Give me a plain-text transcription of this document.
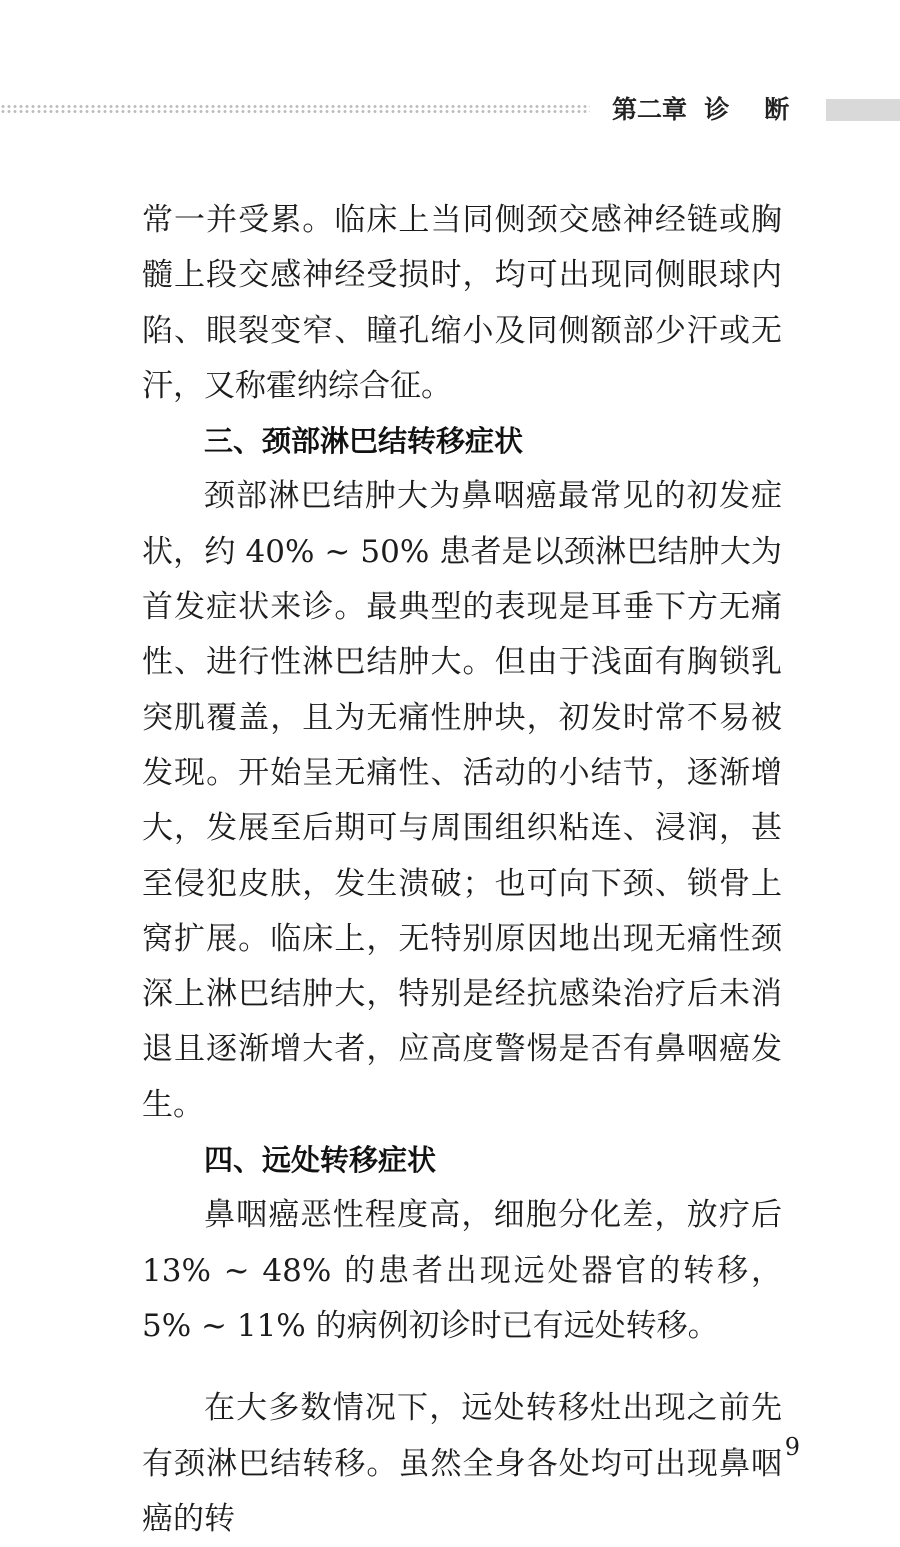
第二章  诊    断

常一并受累。临床上当同侧颈交感神经链或胸髓上段交感神经受损时，均可出现同侧眼球内陷、眼裂变窄、瞳孔缩小及同侧额部少汗或无汗，又称霍纳综合征。

三、颈部淋巴结转移症状

颈部淋巴结肿大为鼻咽癌最常见的初发症状，约 40% ~ 50% 患者是以颈淋巴结肿大为首发症状来诊。最典型的表现是耳垂下方无痛性、进行性淋巴结肿大。但由于浅面有胸锁乳突肌覆盖，且为无痛性肿块，初发时常不易被发现。开始呈无痛性、活动的小结节，逐渐增大，发展至后期可与周围组织粘连、浸润，甚至侵犯皮肤，发生溃破；也可向下颈、锁骨上窝扩展。临床上，无特别原因地出现无痛性颈深上淋巴结肿大，特别是经抗感染治疗后未消退且逐渐增大者，应高度警惕是否有鼻咽癌发生。

四、远处转移症状

鼻咽癌恶性程度高，细胞分化差，放疗后 13% ~ 48% 的患者出现远处器官的转移，5% ~ 11% 的病例初诊时已有远处转移。

在大多数情况下，远处转移灶出现之前先有颈淋巴结转移。虽然全身各处均可出现鼻咽癌的转

9
